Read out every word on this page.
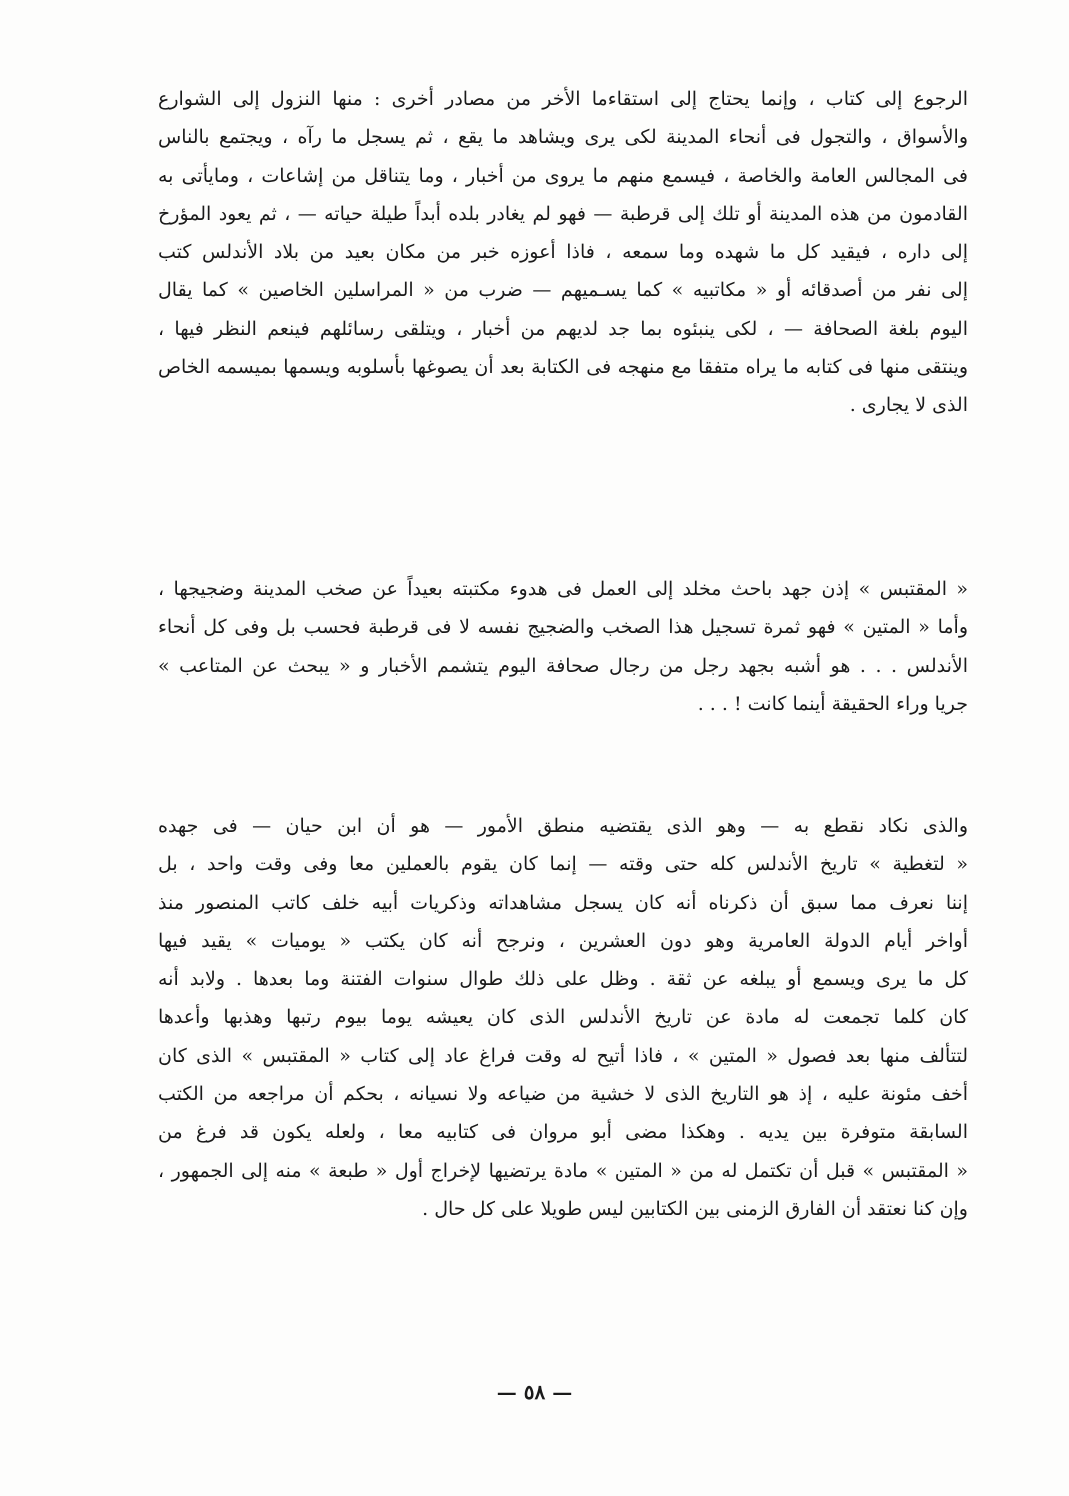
الرجوع إلى كتاب ، وإنما يحتاج إلى استقاءما الأخر من مصادر أخرى : منها النزول إلى الشوارع
والأسواق ، والتجول فى أنحاء المدينة لكى يرى ويشاهد ما يقع ، ثم يسجل ما رآه ، ويجتمع بالناس
فى المجالس العامة والخاصة ، فيسمع منهم ما يروى من أخبار ، وما يتناقل من إشاعات ، ومايأتى به
القادمون من هذه المدينة أو تلك إلى قرطبة — فهو لم يغادر بلده أبداً طيلة حياته — ، ثم يعود المؤرخ
إلى داره ، فيقيد كل ما شهده وما سمعه ، فاذا أعوزه خبر من مكان بعيد من بلاد الأندلس كتب
إلى نفر من أصدقائه أو « مكاتبيه » كما يسـميهم — ضرب من « المراسلين الخاصين » كما يقال
اليوم بلغة الصحافة — ، لكى ينبئوه بما جد لديهم من أخبار ، ويتلقى رسائلهم فينعم النظر فيها ،
وينتقى منها فى كتابه ما يراه متفقا مع منهجه فى الكتابة بعد أن يصوغها بأسلوبه ويسمها بميسمه الخاص
الذى لا يجارى .
« المقتبس » إذن جهد باحث مخلد إلى العمل فى هدوء مكتبته بعيداً عن صخب المدينة وضجيجها ،
وأما « المتين » فهو ثمرة تسجيل هذا الصخب والضجيج نفسه لا فى قرطبة فحسب بل وفى كل أنحاء
الأندلس . . . هو أشبه بجهد رجل من رجال صحافة اليوم يتشمم الأخبار و « يبحث عن المتاعب »
جريا وراء الحقيقة أينما كانت ! . . .
والذى نكاد نقطع به — وهو الذى يقتضيه منطق الأمور — هو أن ابن حيان — فى جهده
« لتغطية » تاريخ الأندلس كله حتى وقته — إنما كان يقوم بالعملين معا وفى وقت واحد ، بل
إننا نعرف مما سبق أن ذكرناه أنه كان يسجل مشاهداته وذكريات أبيه خلف كاتب المنصور منذ
أواخر أيام الدولة العامرية وهو دون العشرين ، ونرجح أنه كان يكتب « يوميات » يقيد فيها
كل ما يرى ويسمع أو يبلغه عن ثقة . وظل على ذلك طوال سنوات الفتنة وما بعدها . ولابد أنه
كان كلما تجمعت له مادة عن تاريخ الأندلس الذى كان يعيشه يوما بيوم رتبها وهذبها وأعدها
لتتألف منها بعد فصول « المتين » ، فاذا أتيح له وقت فراغ عاد إلى كتاب « المقتبس » الذى كان
أخف مئونة عليه ، إذ هو التاريخ الذى لا خشية من ضياعه ولا نسيانه ، بحكم أن مراجعه من الكتب
السابقة متوفرة بين يديه . وهكذا مضى أبو مروان فى كتابيه معا ، ولعله يكون قد فرغ من
« المقتبس » قبل أن تكتمل له من « المتين » مادة يرتضيها لإخراج أول « طبعة » منه إلى الجمهور ،
وإن كنا نعتقد أن الفارق الزمنى بين الكتابين ليس طويلا على كل حال .
— ٥٨ —
